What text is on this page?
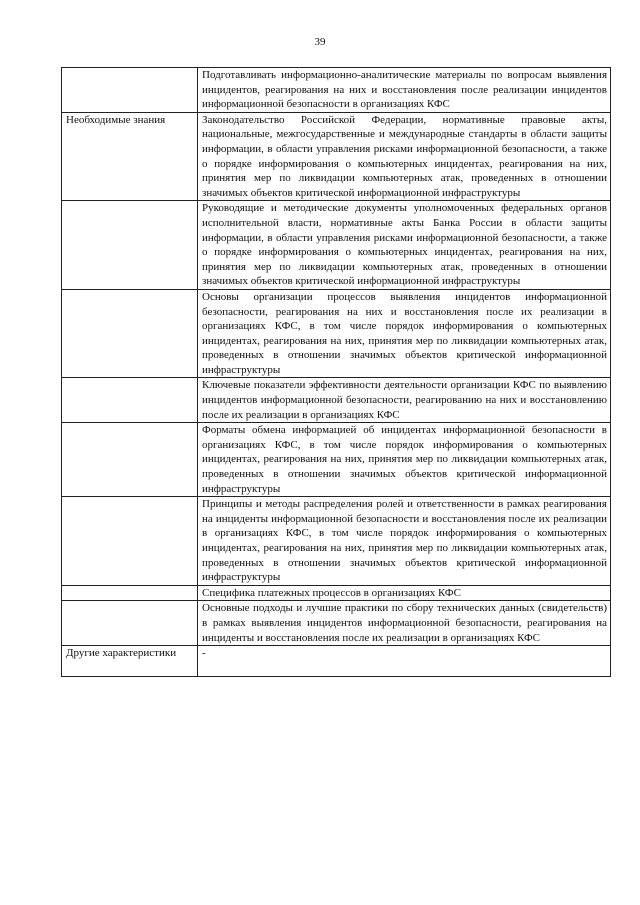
39
	Подготавливать информационно-аналитические материалы по вопросам выявления инцидентов, реагирования на них и восстановления после реализации инцидентов информационной безопасности в организациях КФС
Необходимые знания	Законодательство Российской Федерации, нормативные правовые акты, национальные, межгосударственные и международные стандарты в области защиты информации, в области управления рисками информационной безопасности, а также о порядке информирования о компьютерных инцидентах, реагирования на них, принятия мер по ликвидации компьютерных атак, проведенных в отношении значимых объектов критической информационной инфраструктуры
	Руководящие и методические документы уполномоченных федеральных органов исполнительной власти, нормативные акты Банка России в области защиты информации, в области управления рисками информационной безопасности, а также о порядке информирования о компьютерных инцидентах, реагирования на них, принятия мер по ликвидации компьютерных атак, проведенных в отношении значимых объектов критической информационной инфраструктуры
	Основы организации процессов выявления инцидентов информационной безопасности, реагирования на них и восстановления после их реализации в организациях КФС, в том числе порядок информирования о компьютерных инцидентах, реагирования на них, принятия мер по ликвидации компьютерных атак, проведенных в отношении значимых объектов критической информационной инфраструктуры
	Ключевые показатели эффективности деятельности организации КФС по выявлению инцидентов информационной безопасности, реагированию на них и восстановлению после их реализации в организациях КФС
	Форматы обмена информацией об инцидентах информационной безопасности в организациях КФС, в том числе порядок информирования о компьютерных инцидентах, реагирования на них, принятия мер по ликвидации компьютерных атак, проведенных в отношении значимых объектов критической информационной инфраструктуры
	Принципы и методы распределения ролей и ответственности в рамках реагирования на инциденты информационной безопасности и восстановления после их реализации в организациях КФС, в том числе порядок информирования о компьютерных инцидентах, реагирования на них, принятия мер по ликвидации компьютерных атак, проведенных в отношении значимых объектов критической информационной инфраструктуры
	Специфика платежных процессов в организациях КФС
	Основные подходы и лучшие практики по сбору технических данных (свидетельств) в рамках выявления инцидентов информационной безопасности, реагирования на инциденты и восстановления после их реализации в организациях КФС
Другие характеристики	-
